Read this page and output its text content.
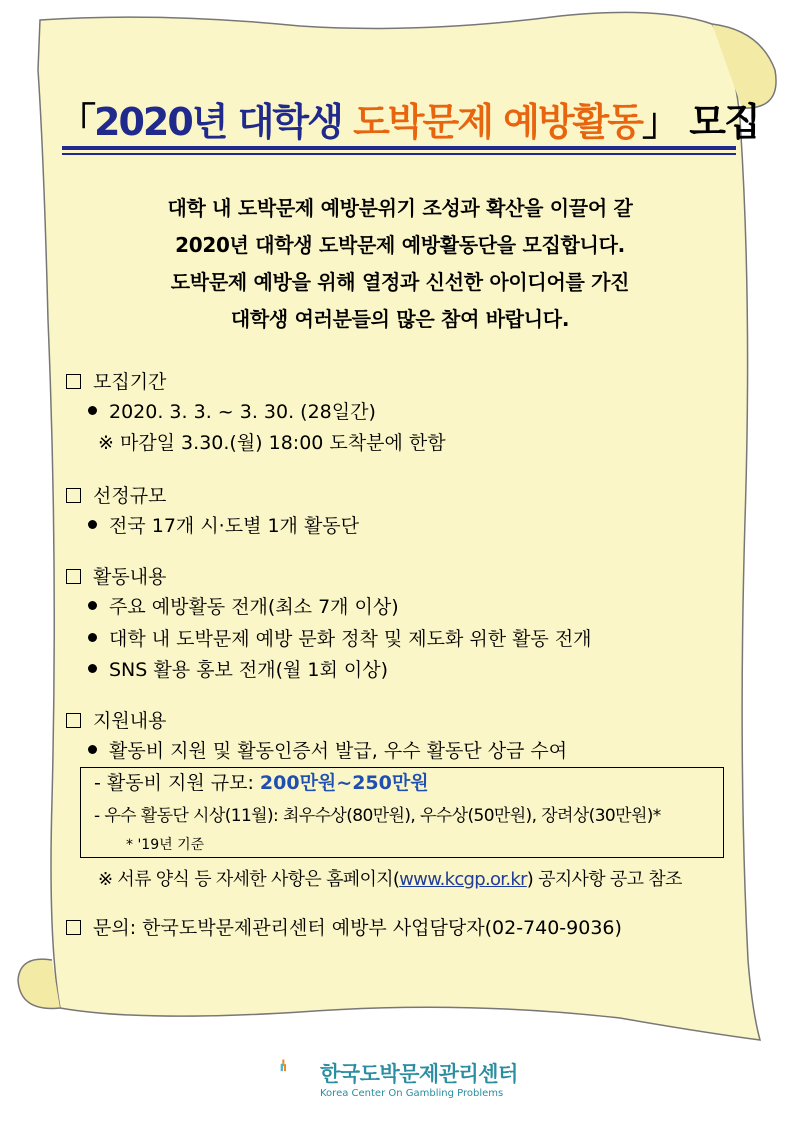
「2020년 대학생 도박문제 예방활동」 모집
대학 내 도박문제 예방분위기 조성과 확산을 이끌어 갈
2020년 대학생 도박문제 예방활동단을 모집합니다.
도박문제 예방을 위해 열정과 신선한 아이디어를 가진
대학생 여러분들의 많은 참여 바랍니다.
모집기간
2020. 3. 3. ~ 3. 30. (28일간)
※ 마감일 3.30.(월) 18:00 도착분에 한함
선정규모
전국 17개 시·도별 1개 활동단
활동내용
주요 예방활동 전개(최소 7개 이상)
대학 내 도박문제 예방 문화 정착 및 제도화 위한 활동 전개
SNS 활용 홍보 전개(월 1회 이상)
지원내용
활동비 지원 및 활동인증서 발급, 우수 활동단 상금 수여
- 활동비 지원 규모: 200만원~250만원
- 우수 활동단 시상(11월): 최우수상(80만원), 우수상(50만원), 장려상(30만원)*
* '19년 기준
※ 서류 양식 등 자세한 사항은 홈페이지(www.kcgp.or.kr) 공지사항 공고 참조
문의: 한국도박문제관리센터 예방부 사업담당자(02-740-9036)
한국도박문제관리센터
Korea Center On Gambling Problems
